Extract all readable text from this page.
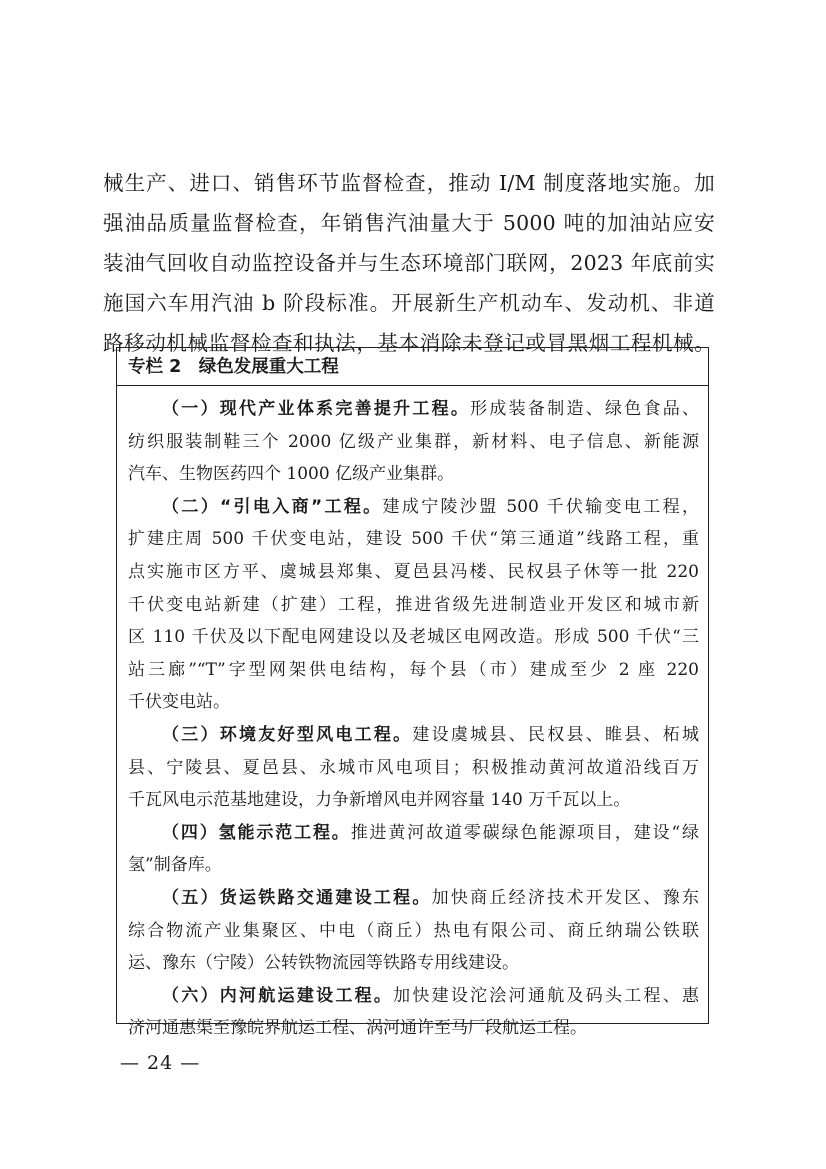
械生产、进口、销售环节监督检查，推动 I/M 制度落地实施。加
强油品质量监督检查，年销售汽油量大于 5000 吨的加油站应安
装油气回收自动监控设备并与生态环境部门联网，2023 年底前实
施国六车用汽油 b 阶段标准。开展新生产机动车、发动机、非道
路移动机械监督检查和执法，基本消除未登记或冒黑烟工程机械。
专栏 2　绿色发展重大工程
（一）现代产业体系完善提升工程。形成装备制造、绿色食品、
纺织服装制鞋三个 2000 亿级产业集群，新材料、电子信息、新能源
汽车、生物医药四个 1000 亿级产业集群。
（二）“引电入商”工程。建成宁陵沙盟 500 千伏输变电工程，
扩建庄周 500 千伏变电站，建设 500 千伏“第三通道”线路工程，重
点实施市区方平、虞城县郑集、夏邑县冯楼、民权县子休等一批 220
千伏变电站新建（扩建）工程，推进省级先进制造业开发区和城市新
区 110 千伏及以下配电网建设以及老城区电网改造。形成 500 千伏“三
站三廊”“T”字型网架供电结构，每个县（市）建成至少 2 座 220
千伏变电站。
（三）环境友好型风电工程。建设虞城县、民权县、睢县、柘城
县、宁陵县、夏邑县、永城市风电项目；积极推动黄河故道沿线百万
千瓦风电示范基地建设，力争新增风电并网容量 140 万千瓦以上。
（四）氢能示范工程。推进黄河故道零碳绿色能源项目，建设“绿
氢”制备库。
（五）货运铁路交通建设工程。加快商丘经济技术开发区、豫东
综合物流产业集聚区、中电（商丘）热电有限公司、商丘纳瑞公铁联
运、豫东（宁陵）公转铁物流园等铁路专用线建设。
（六）内河航运建设工程。加快建设沱浍河通航及码头工程、惠
济河通惠渠至豫皖界航运工程、涡河通许至马厂段航运工程。
— 24 —
